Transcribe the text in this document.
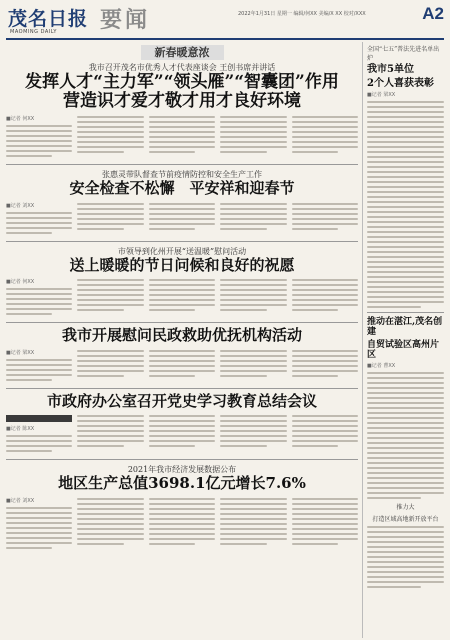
茂名日报
MAOMING DAILY 要闻	2022年1月31日 星期一 编辑/何XX 美编/X XX 校对/XXX	A2
新春暖意浓
我市召开茂名市优秀人才代表座谈会 王创书席并讲话
发挥人才“主力军”“领头雁”“智囊团”作用
营造识才爱才敬才用才良好环境
■记者 何XX
张惠灵带队督查节前疫情防控和安全生产工作
安全检查不松懈　平安祥和迎春节
■记者 刘XX
市领导到化州开展“送温暖”慰问活动
送上暖暖的节日问候和良好的祝愿
■记者 何XX
我市开展慰问民政救助优抚机构活动
■记者 梁XX
市政府办公室召开党史学习教育总结会议
■记者 陈XX
2021年我市经济发展数据公布
地区生产总值3698.1亿元增长7.6%
■记者 刘XX
全国“七五”普法先进名单出炉
我市5单位
2个人喜获表彰
■记者 梁XX
推动在湛江,茂名创建
自贸试验区高州片区
■记者 曹XX
推力大
打造区域高地新开放平台
